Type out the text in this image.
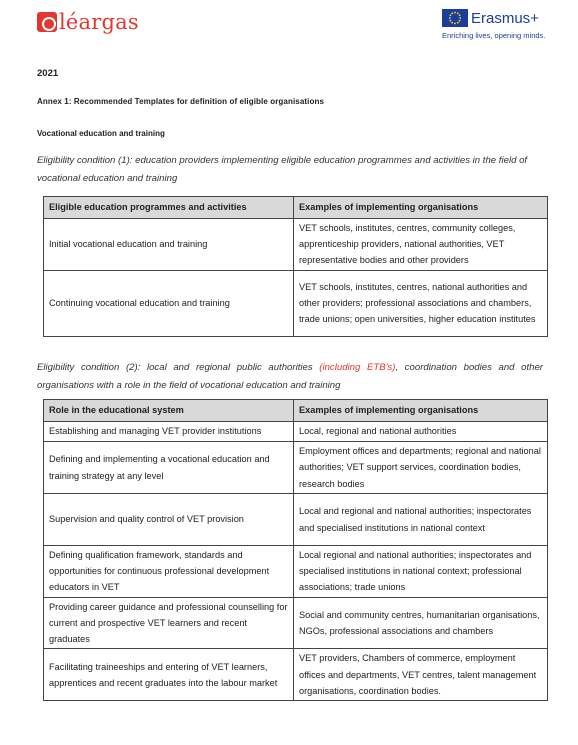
léargas	Erasmus+
Enriching lives, opening minds.
2021
Annex 1: Recommended Templates for definition of eligible organisations
Vocational education and training
Eligibility condition (1): education providers implementing eligible education programmes and activities in the field of vocational education and training
Eligible education programmes and activities	Examples of implementing organisations
Initial vocational education and training	VET schools, institutes, centres, community colleges, apprenticeship providers, national authorities, VET representative bodies and other providers
Continuing vocational education and training	VET schools, institutes, centres, national authorities and other providers; professional associations and chambers, trade unions; open universities, higher education institutes
Eligibility condition (2): local and regional public authorities (including ETB's), coordination bodies and other organisations with a role in the field of vocational education and training
Role in the educational system	Examples of implementing organisations
Establishing and managing VET provider institutions	Local, regional and national authorities
Defining and implementing a vocational education and training strategy at any level	Employment offices and departments; regional and national authorities; VET support services, coordination bodies, research bodies
Supervision and quality control of VET provision	Local and regional and national authorities; inspectorates and specialised institutions in national context
Defining qualification framework, standards and opportunities for continuous professional development educators in VET	Local regional and national authorities; inspectorates and specialised institutions in national context; professional associations; trade unions
Providing career guidance and professional counselling for current and prospective VET learners and recent graduates	Social and community centres, humanitarian organisations, NGOs, professional associations and chambers
Facilitating traineeships and entering of VET learners, apprentices and recent graduates into the labour market	VET providers, Chambers of commerce, employment offices and departments, VET centres, talent management organisations, coordination bodies.
